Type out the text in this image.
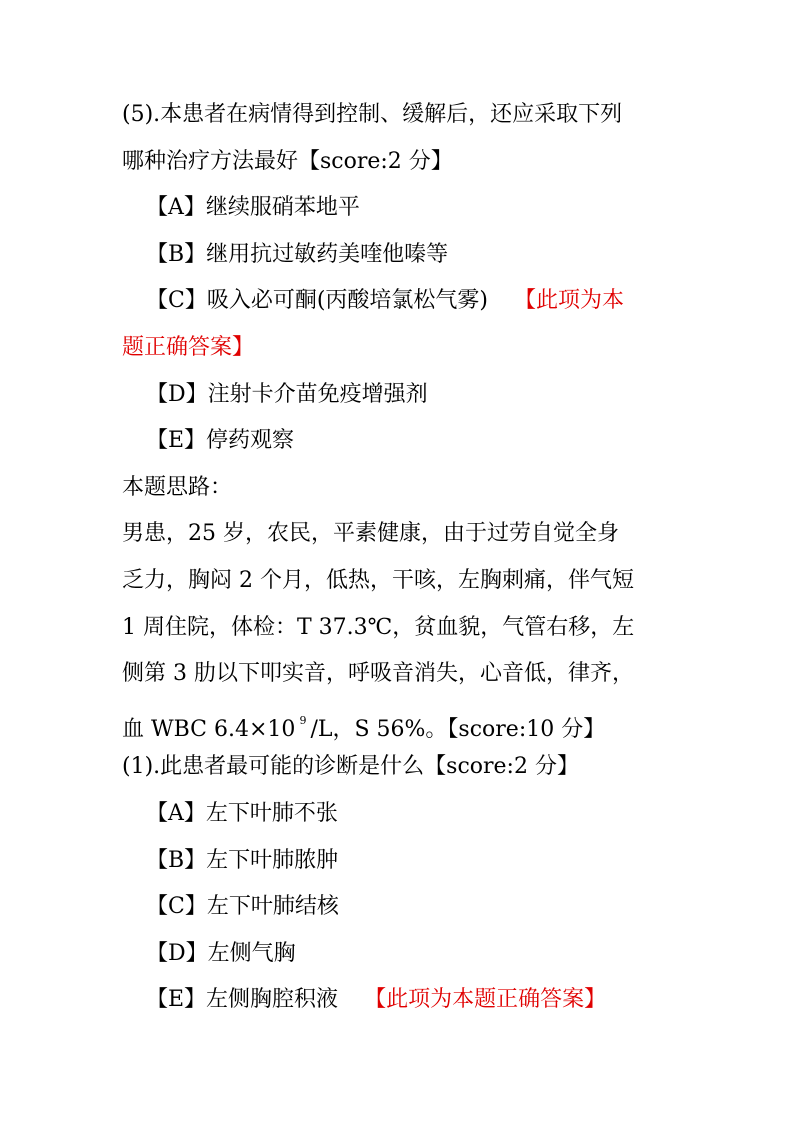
(5).本患者在病情得到控制、缓解后，还应采取下列
哪种治疗方法最好【score:2 分】
【A】继续服硝苯地平
【B】继用抗过敏药美喹他嗪等
【C】吸入必可酮(丙酸培氯松气雾) 【此项为本
题正确答案】
【D】注射卡介苗免疫增强剂
【E】停药观察
本题思路：
男患，25 岁，农民，平素健康，由于过劳自觉全身
乏力，胸闷 2 个月，低热，干咳，左胸刺痛，伴气短
1 周住院，体检：T 37.3℃，贫血貌，气管右移，左
侧第 3 肋以下叩实音，呼吸音消失，心音低，律齐，
血 WBC 6.4×10 $^9$ /L，S 56%。【score:10 分】
(1).此患者最可能的诊断是什么【score:2 分】
【A】左下叶肺不张
【B】左下叶肺脓肿
【C】左下叶肺结核
【D】左侧气胸
【E】左侧胸腔积液 【此项为本题正确答案】
